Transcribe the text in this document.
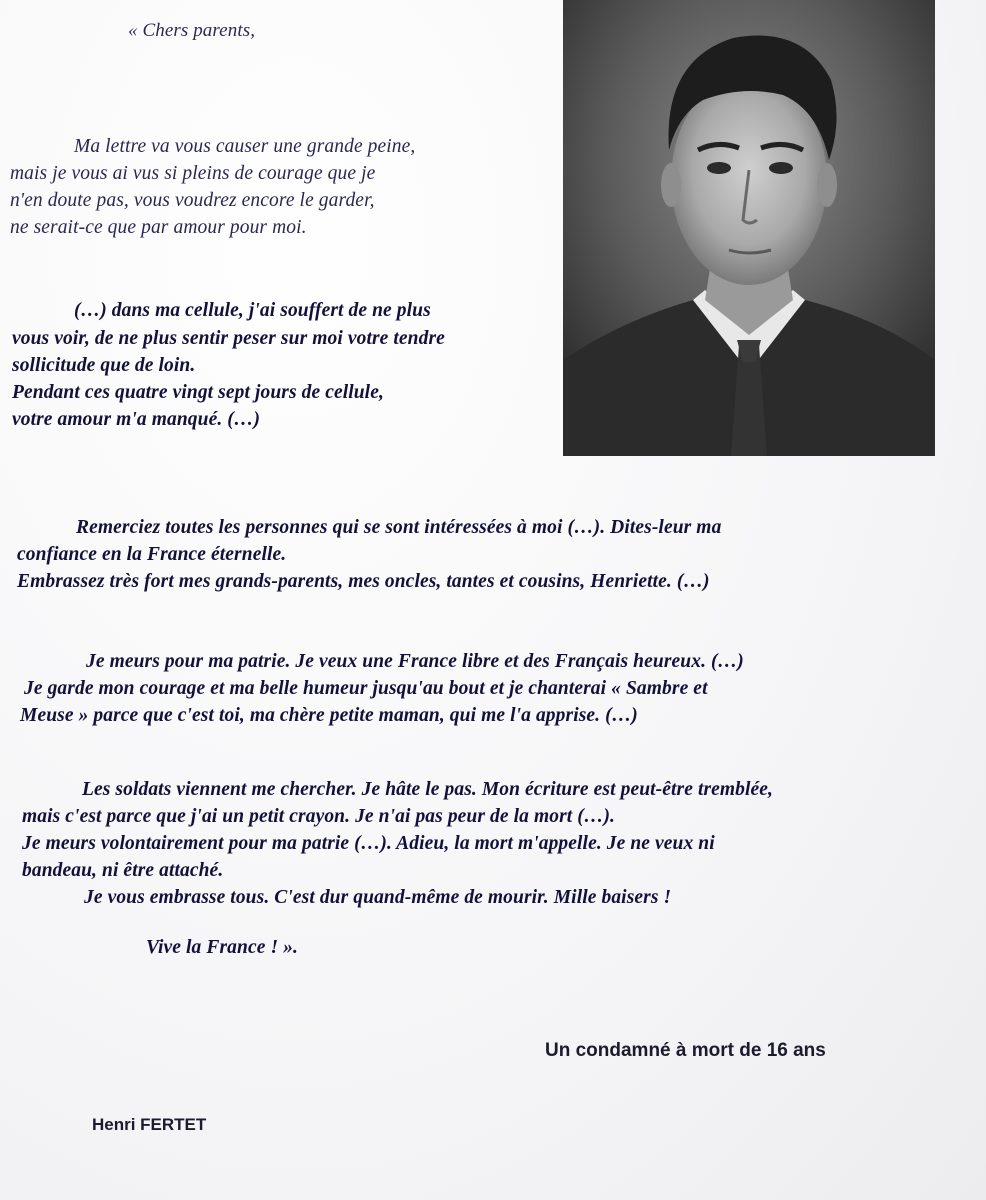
« Chers parents,
Ma lettre va vous causer une grande peine,
mais je vous ai vus si pleins de courage que je
n'en doute pas, vous voudrez encore le garder,
ne serait-ce que par amour pour moi.
(…) dans ma cellule, j'ai souffert de ne plus
vous voir, de ne plus sentir peser sur moi votre tendre
sollicitude que de loin.
Pendant ces quatre vingt sept jours de cellule,
votre amour m'a manqué. (…)
Remerciez toutes les personnes qui se sont intéressées à moi (…). Dites-leur ma
confiance en la France éternelle.
Embrassez très fort mes grands-parents, mes oncles, tantes et cousins, Henriette. (…)
Je meurs pour ma patrie. Je veux une France libre et des Français heureux. (…)
Je garde mon courage et ma belle humeur jusqu'au bout et je chanterai « Sambre et
Meuse » parce que c'est toi, ma chère petite maman, qui me l'a apprise. (…)
Les soldats viennent me chercher. Je hâte le pas. Mon écriture est peut-être tremblée,
mais c'est parce que j'ai un petit crayon. Je n'ai pas peur de la mort (…).
Je meurs volontairement pour ma patrie (…). Adieu, la mort m'appelle. Je ne veux ni
bandeau, ni être attaché.
Je vous embrasse tous. C'est dur quand-même de mourir. Mille baisers !
Vive la France ! ».
Un condamné à mort de 16 ans
Henri FERTET
